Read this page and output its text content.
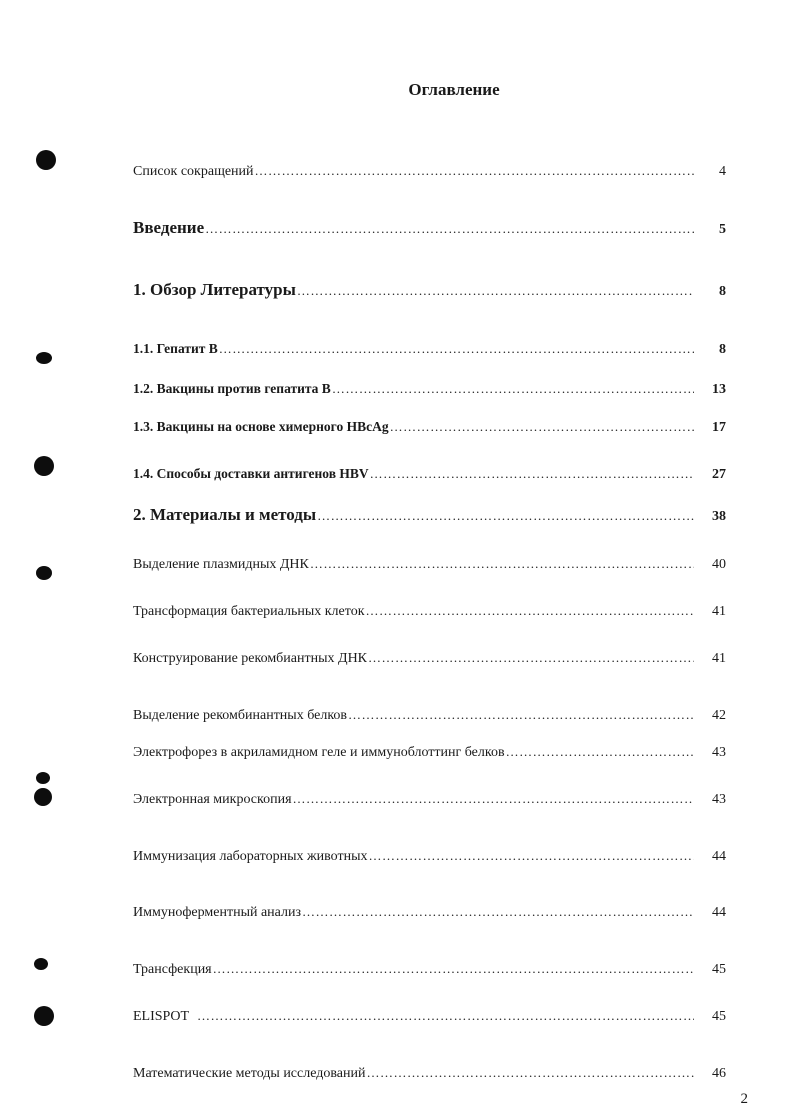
Оглавление
Список сокращений ……………………………………………………………………………………………………………………………………………………………………	4
Введение ……………………………………………………………………………………………………………………………………………………………………	5
1. Обзор Литературы ……………………………………………………………………………………………………………………………………………………………………	8
1.1. Гепатит В ……………………………………………………………………………………………………………………………………………………………………	8
1.2. Вакцины против гепатита В ……………………………………………………………………………………………………………………………………………………………………	13
1.3. Вакцины на основе химерного HBcAg ……………………………………………………………………………………………………………………………………………………………………	17
1.4. Способы доставки антигенов HBV ……………………………………………………………………………………………………………………………………………………………………	27
2. Материалы и методы ……………………………………………………………………………………………………………………………………………………………………	38
Выделение плазмидных ДНК ……………………………………………………………………………………………………………………………………………………………………	40
Трансформация бактериальных клеток ……………………………………………………………………………………………………………………………………………………………………	41
Конструирование рекомбиантных ДНК ……………………………………………………………………………………………………………………………………………………………………	41
Выделение рекомбинантных белков ……………………………………………………………………………………………………………………………………………………………………	42
Электрофорез в акриламидном геле и иммуноблоттинг белков ……………………………………………………………………………………………………………………………………………………………………	43
Электронная микроскопия ……………………………………………………………………………………………………………………………………………………………………	43
Иммунизация лабораторных животных ……………………………………………………………………………………………………………………………………………………………………	44
Иммуноферментный анализ ……………………………………………………………………………………………………………………………………………………………………	44
Трансфекция ……………………………………………………………………………………………………………………………………………………………………	45
ELISPOT ……………………………………………………………………………………………………………………………………………………………………	45
Математические методы исследований ……………………………………………………………………………………………………………………………………………………………………	46
2
